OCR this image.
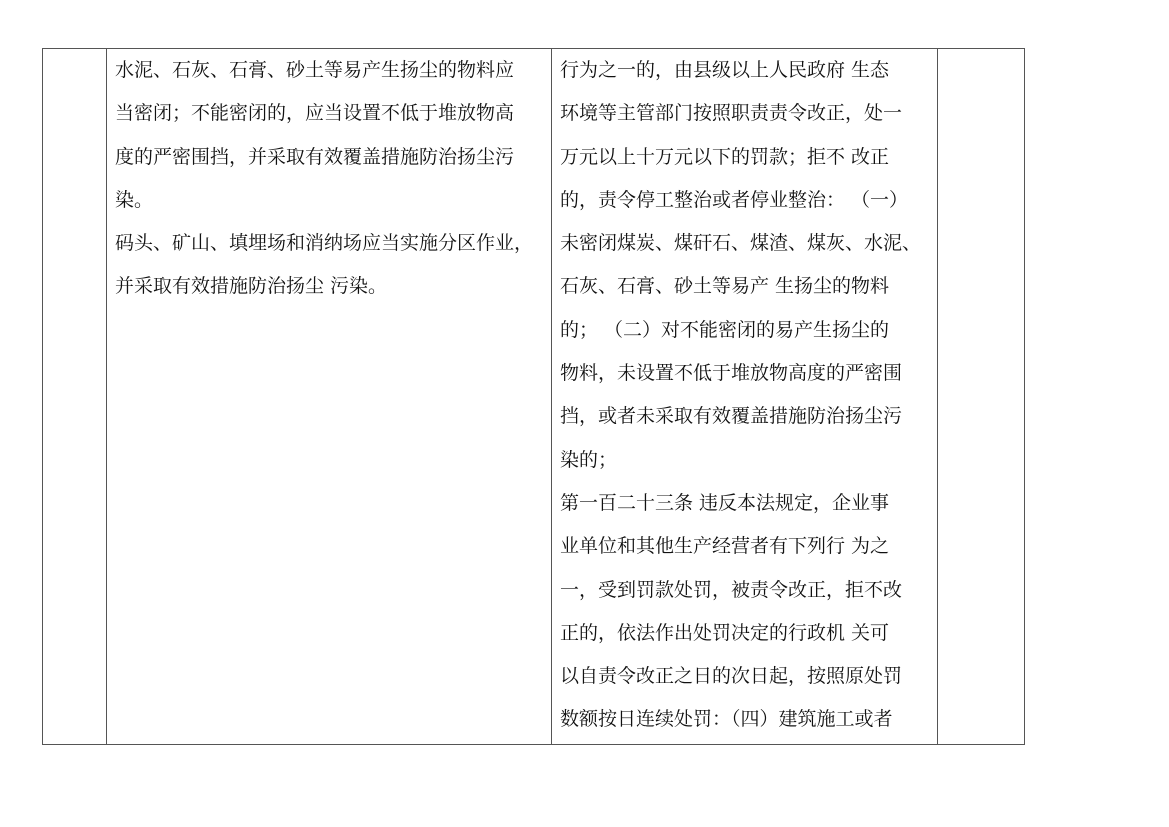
水泥、石灰、石膏、砂土等易产生扬尘的物料应
当密闭；不能密闭的，应当设置不低于堆放物高
度的严密围挡，并采取有效覆盖措施防治扬尘污
染。
码头、矿山、填埋场和消纳场应当实施分区作业，
并采取有效措施防治扬尘 污染。

行为之一的，由县级以上人民政府 生态
环境等主管部门按照职责责令改正，处一
万元以上十万元以下的罚款；拒不 改正
的，责令停工整治或者停业整治： （一）
未密闭煤炭、煤矸石、煤渣、煤灰、水泥、
石灰、石膏、砂土等易产 生扬尘的物料
的； （二）对不能密闭的易产生扬尘的
物料，未设置不低于堆放物高度的严密围
挡，或者未采取有效覆盖措施防治扬尘污
染的；
第一百二十三条 违反本法规定，企业事
业单位和其他生产经营者有下列行 为之
一，受到罚款处罚，被责令改正，拒不改
正的，依法作出处罚决定的行政机 关可
以自责令改正之日的次日起，按照原处罚
数额按日连续处罚：（四）建筑施工或者
